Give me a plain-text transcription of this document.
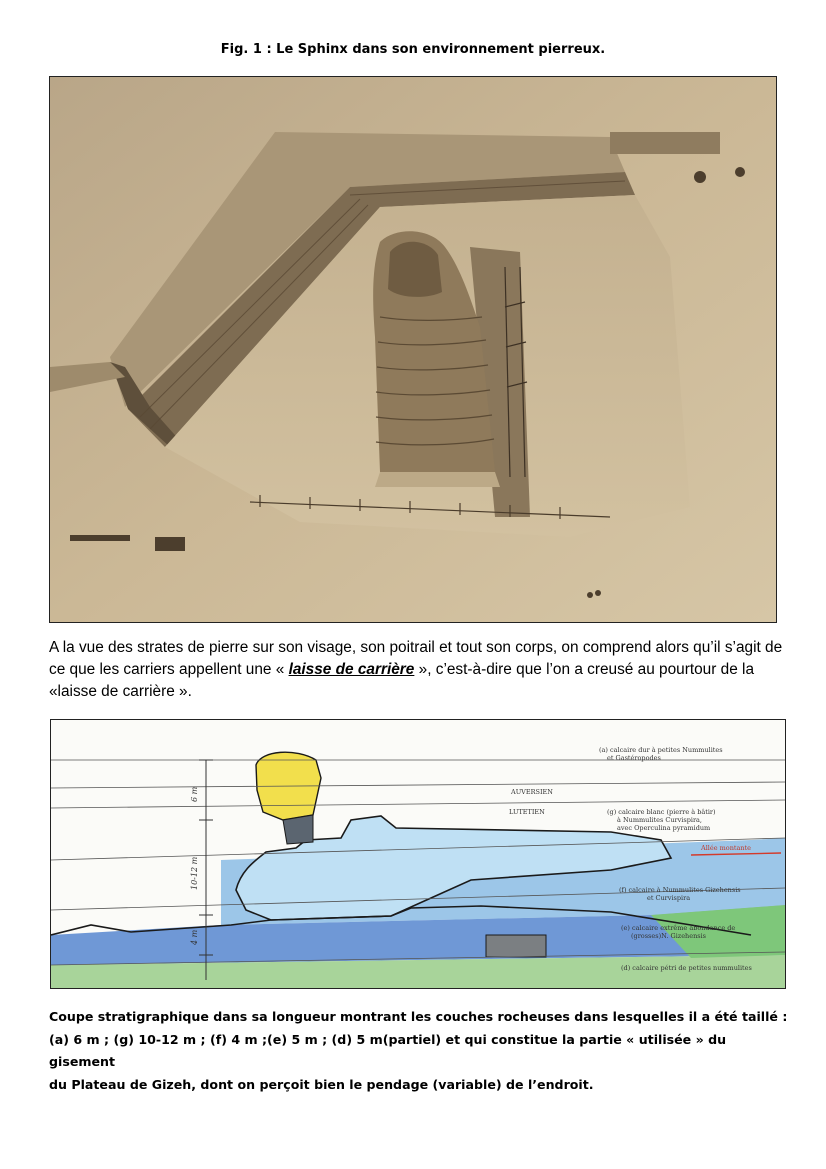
Fig. 1 : Le Sphinx dans son environnement pierreux.
A la vue des strates de pierre sur son visage, son poitrail et tout son corps, on comprend alors qu’il s’agit de ce que les carriers appellent une « laisse de carrière », c’est-à-dire que l’on a creusé au pourtour de la «laisse de carrière ».
6 m
10-12 m
4 m
(a) calcaire dur à petites Nummulites
et Gastéropodes
AUVERSIEN
LUTETIEN	(g) calcaire blanc (pierre à bâtir)
à Nummulites Curvispira,
avec Operculina pyramidum
Allée montante
(f) calcaire à Nummulites Gizehensis
et Curvispira
(e) calcaire extrême abondance de
(grosses)N. Gizehensis
(d) calcaire pétri de petites nummulites
Coupe stratigraphique dans sa longueur montrant les couches rocheuses dans lesquelles il a été taillé :
(a) 6 m ; (g) 10-12 m ; (f) 4 m ;(e) 5 m ; (d) 5 m(partiel) et qui constitue la partie « utilisée » du gisement
du Plateau de Gizeh, dont on perçoit bien le pendage (variable) de l’endroit.
